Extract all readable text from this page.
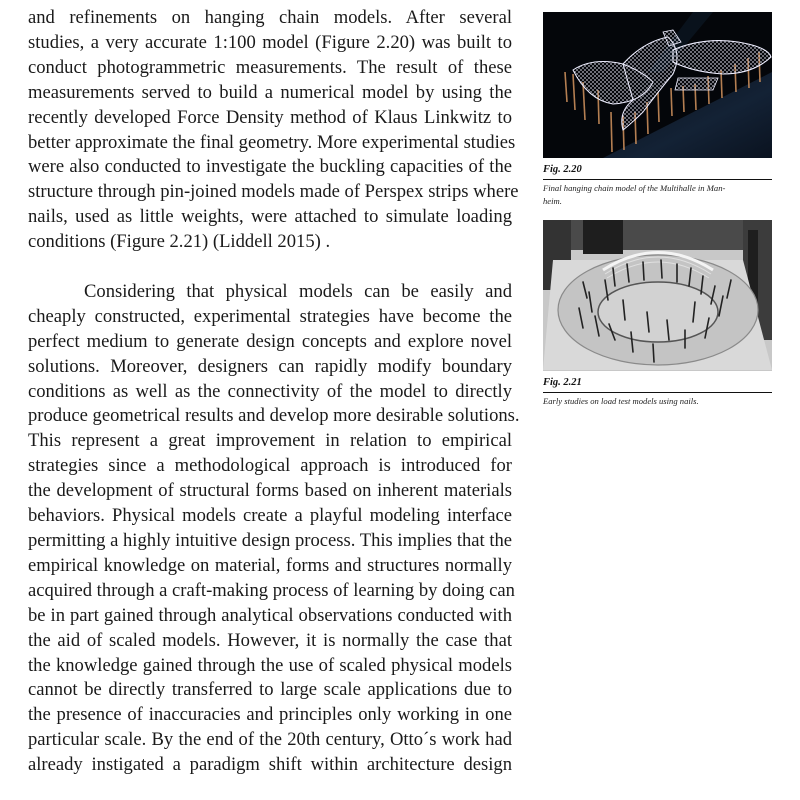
and refinements on hanging chain models. After several
studies, a very accurate 1:100 model (Figure 2.20) was built to
conduct photogrammetric measurements. The result of these
measurements served to build a numerical model by using the
recently developed Force Density method of Klaus Linkwitz to
better approximate the final geometry. More experimental studies
were also conducted to investigate the buckling capacities of the
structure through pin-joined models made of Perspex strips where
nails, used as little weights, were attached to simulate loading
conditions (Figure 2.21) (Liddell 2015) .

Considering that physical models can be easily and
cheaply constructed, experimental strategies have become the
perfect medium to generate design concepts and explore novel
solutions. Moreover, designers can rapidly modify boundary
conditions as well as the connectivity of the model to directly
produce geometrical results and develop more desirable solutions.
This represent a great improvement in relation to empirical
strategies since a methodological approach is introduced for
the development of structural forms based on inherent materials
behaviors. Physical models create a playful modeling interface
permitting a highly intuitive design process. This implies that the
empirical knowledge on material, forms and structures normally
acquired through a craft-making process of learning by doing can
be in part gained through analytical observations conducted with
the aid of scaled models. However, it is normally the case that
the knowledge gained through the use of scaled physical models
cannot be directly transferred to large scale applications due to
the presence of inaccuracies and principles only working in one
particular scale. By the end of the 20th century, Otto´s work had
already instigated a paradigm shift within architecture design

Fig. 2.20
Final hanging chain model of the Multihalle in Man-
heim.
Fig. 2.21
Early studies on load test models using nails.
